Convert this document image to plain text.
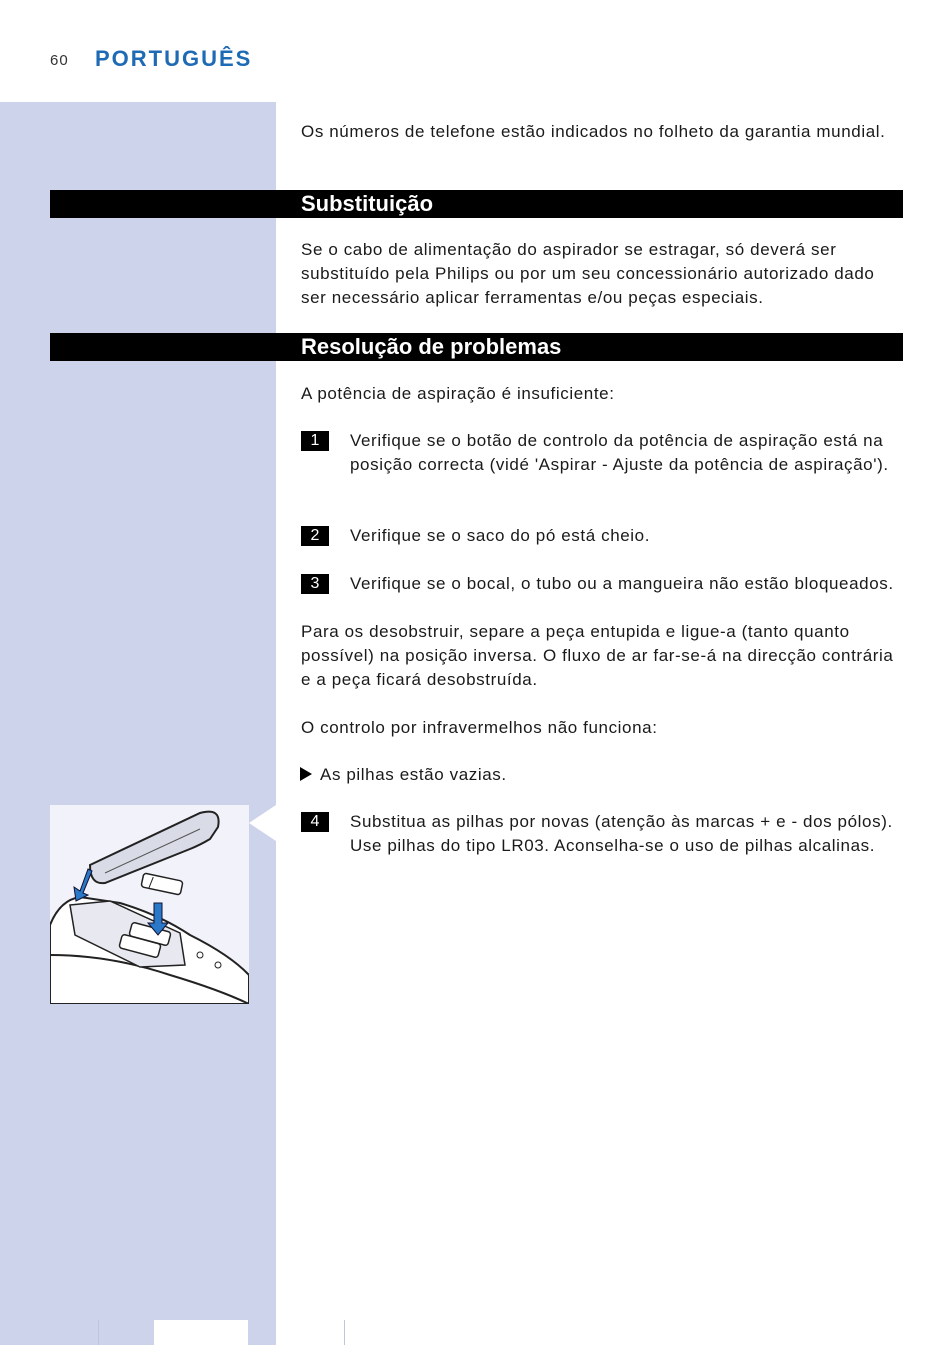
60 PORTUGUÊS

Os números de telefone estão indicados no folheto da garantia mundial.

Substituição

Se o cabo de alimentação do aspirador se estragar, só deverá ser substituído pela Philips ou por um seu concessionário autorizado dado ser necessário aplicar ferramentas e/ou peças especiais.

Resolução de problemas

A potência de aspiração é insuficiente:

1	Verifique se o botão de controlo da potência de aspiração está na posição correcta (vidé 'Aspirar - Ajuste da potência de aspiração').

2	Verifique se o saco do pó está cheio.

3	Verifique se o bocal, o tubo ou a mangueira não estão bloqueados.

Para os desobstruir, separe a peça entupida e ligue-a (tanto quanto possível) na posição inversa. O fluxo de ar far-se-á na direcção contrária e a peça ficará desobstruída.

O controlo por infravermelhos não funciona:

As pilhas estão vazias.

4	Substitua as pilhas por novas (atenção às marcas + e - dos pólos). Use pilhas do tipo LR03. Aconselha-se o uso de pilhas alcalinas.
